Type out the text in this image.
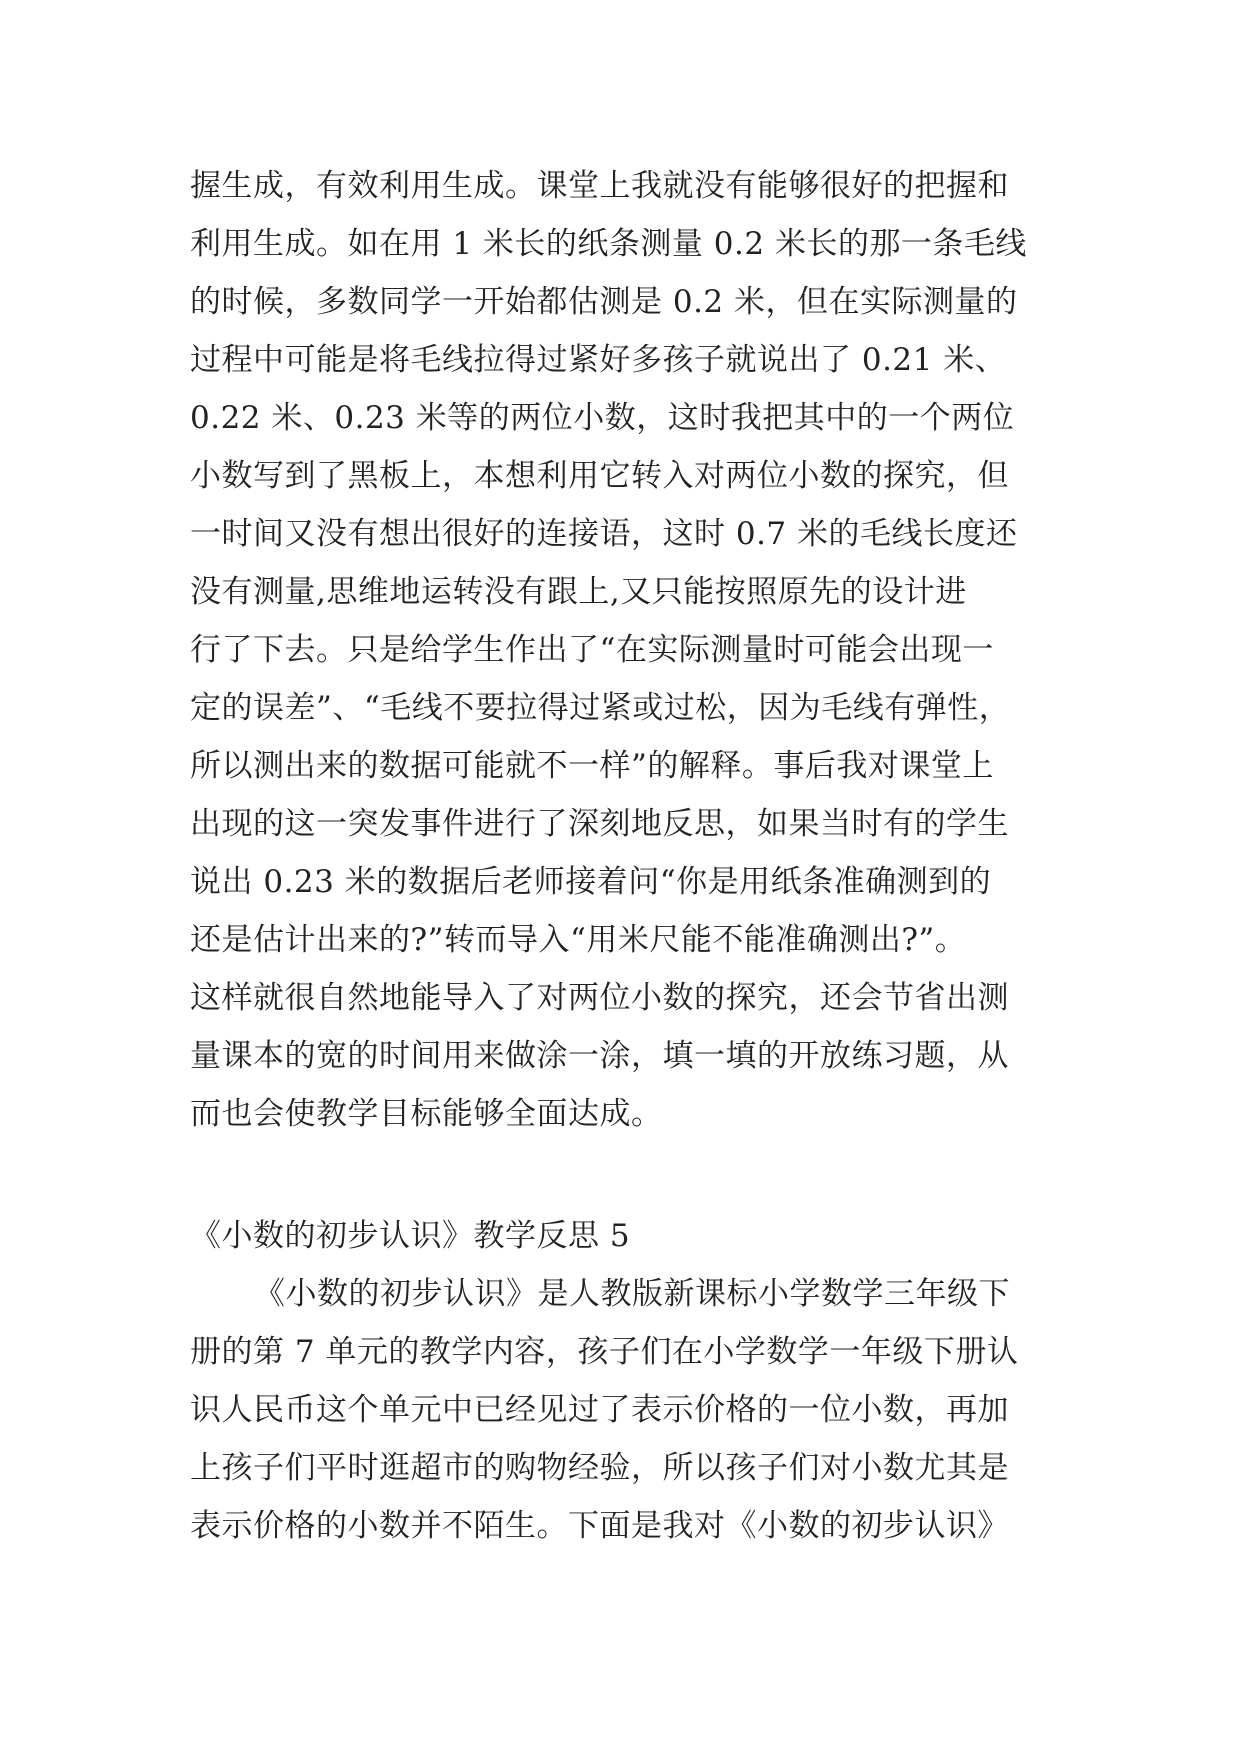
握生成，有效利用生成。课堂上我就没有能够很好的把握和
利用生成。如在用 1 米长的纸条测量 0.2 米长的那一条毛线
的时候，多数同学一开始都估测是 0.2 米，但在实际测量的
过程中可能是将毛线拉得过紧好多孩子就说出了 0.21 米、
0.22 米、0.23 米等的两位小数，这时我把其中的一个两位
小数写到了黑板上，本想利用它转入对两位小数的探究，但
一时间又没有想出很好的连接语，这时 0.7 米的毛线长度还
没有测量,思维地运转没有跟上,又只能按照原先的设计进
行了下去。只是给学生作出了“在实际测量时可能会出现一
定的误差”、“毛线不要拉得过紧或过松，因为毛线有弹性，
所以测出来的数据可能就不一样”的解释。事后我对课堂上
出现的这一突发事件进行了深刻地反思，如果当时有的学生
说出 0.23 米的数据后老师接着问“你是用纸条准确测到的
还是估计出来的?”转而导入“用米尺能不能准确测出?”。
这样就很自然地能导入了对两位小数的探究，还会节省出测
量课本的宽的时间用来做涂一涂，填一填的开放练习题，从
而也会使教学目标能够全面达成。
《小数的初步认识》教学反思 5
《小数的初步认识》是人教版新课标小学数学三年级下
册的第 7 单元的教学内容，孩子们在小学数学一年级下册认
识人民币这个单元中已经见过了表示价格的一位小数，再加
上孩子们平时逛超市的购物经验，所以孩子们对小数尤其是
表示价格的小数并不陌生。下面是我对《小数的初步认识》
